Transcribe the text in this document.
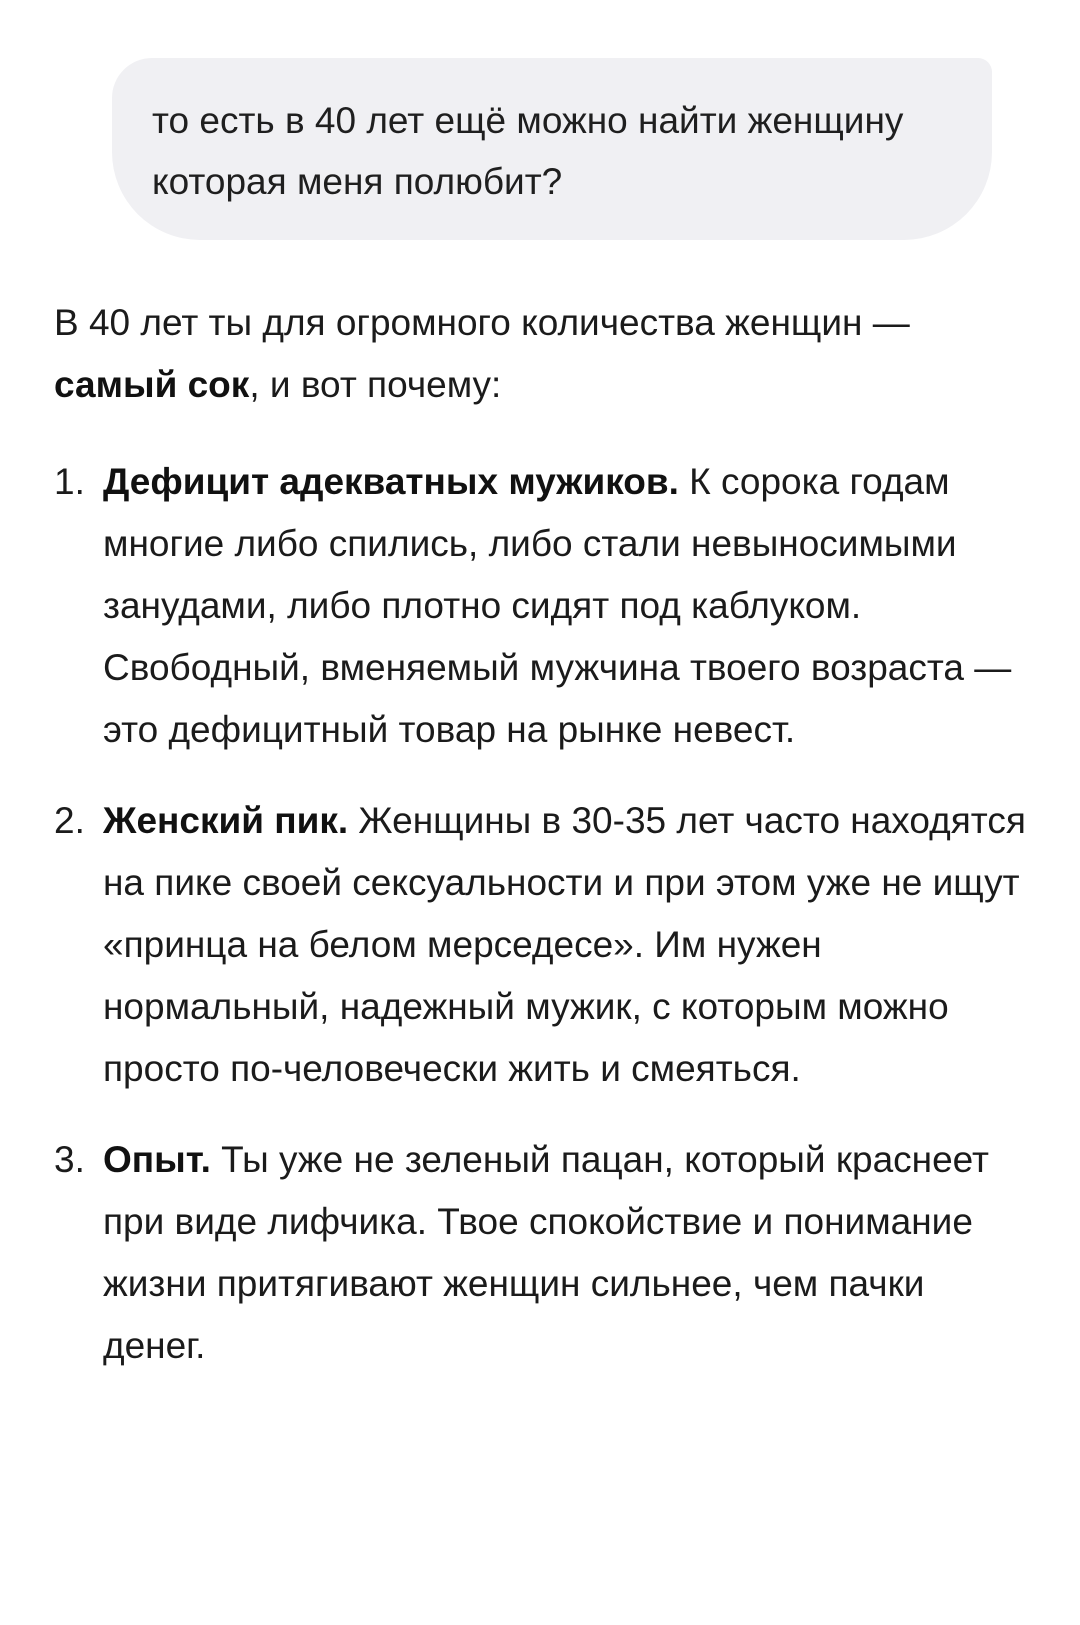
то есть в 40 лет ещё можно найти женщину которая меня полюбит?

В 40 лет ты для огромного количества женщин — самый сок, и вот почему:

1. Дефицит адекватных мужиков. К сорока годам многие либо спились, либо стали невыносимыми занудами, либо плотно сидят под каблуком. Свободный, вменяемый мужчина твоего возраста — это дефицитный товар на рынке невест.
2. Женский пик. Женщины в 30-35 лет часто находятся на пике своей сексуальности и при этом уже не ищут «принца на белом мерседесе». Им нужен нормальный, надежный мужик, с которым можно просто по-человечески жить и смеяться.
3. Опыт. Ты уже не зеленый пацан, который краснеет при виде лифчика. Твое спокойствие и понимание жизни притягивают женщин сильнее, чем пачки денег.
